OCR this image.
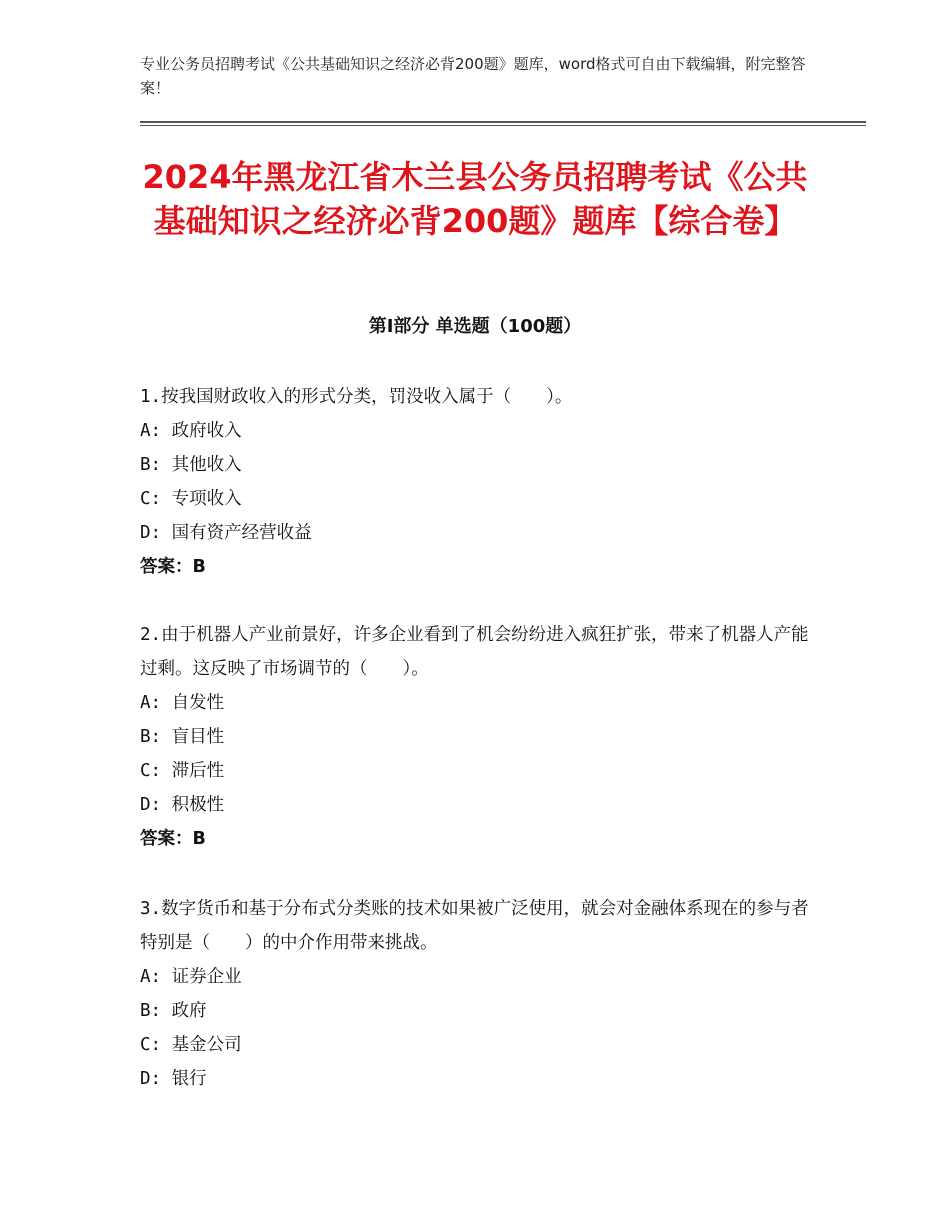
专业公务员招聘考试《公共基础知识之经济必背200题》题库，word格式可自由下载编辑，附完整答案！
2024年黑龙江省木兰县公务员招聘考试《公共基础知识之经济必背200题》题库【综合卷】
第Ⅰ部分 单选题（100题）

1.按我国财政收入的形式分类，罚没收入属于（　　）。

A: 政府收入

B: 其他收入

C: 专项收入

D: 国有资产经营收益

答案：B

2.由于机器人产业前景好，许多企业看到了机会纷纷进入疯狂扩张，带来了机器人产能过剩。这反映了市场调节的（　　）。

A: 自发性

B: 盲目性

C: 滞后性

D: 积极性

答案：B

3.数字货币和基于分布式分类账的技术如果被广泛使用，就会对金融体系现在的参与者特别是（　　）的中介作用带来挑战。

A: 证券企业

B: 政府

C: 基金公司

D: 银行
